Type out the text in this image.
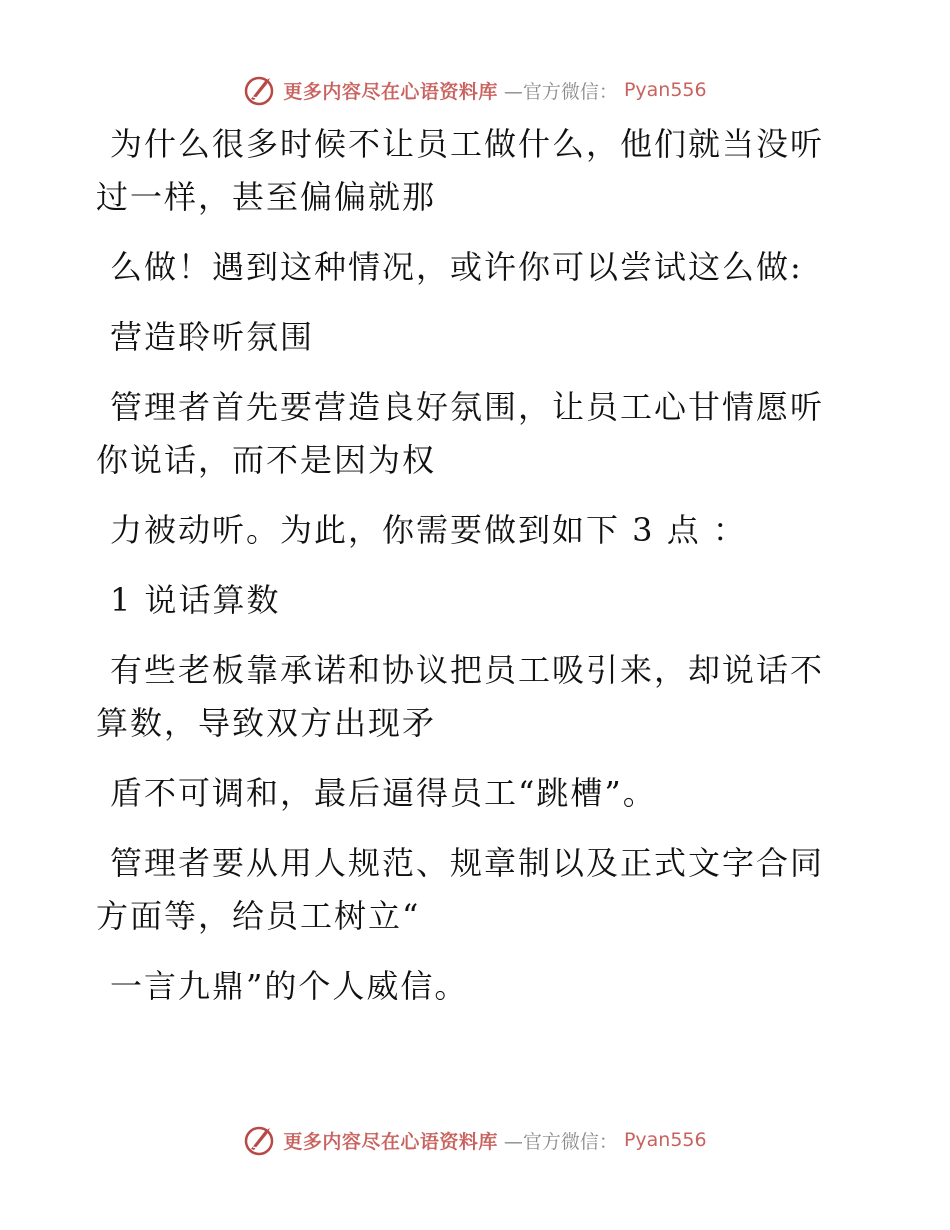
更多内容尽在心语资料库 —官方微信： Pyan556
为什么很多时候不让员工做什么，他们就当没听
过一样，甚至偏偏就那
么做！遇到这种情况，或许你可以尝试这么做:
营造聆听氛围
管理者首先要营造良好氛围，让员工心甘情愿听
你说话，而不是因为权
力被动听。为此，你需要做到如下 3 点 ：
1 说话算数
有些老板靠承诺和协议把员工吸引来，却说话不
算数，导致双方出现矛
盾不可调和，最后逼得员工“跳槽”。
管理者要从用人规范、规章制以及正式文字合同
方面等，给员工树立“
一言九鼎”的个人威信。
更多内容尽在心语资料库 —官方微信： Pyan556
